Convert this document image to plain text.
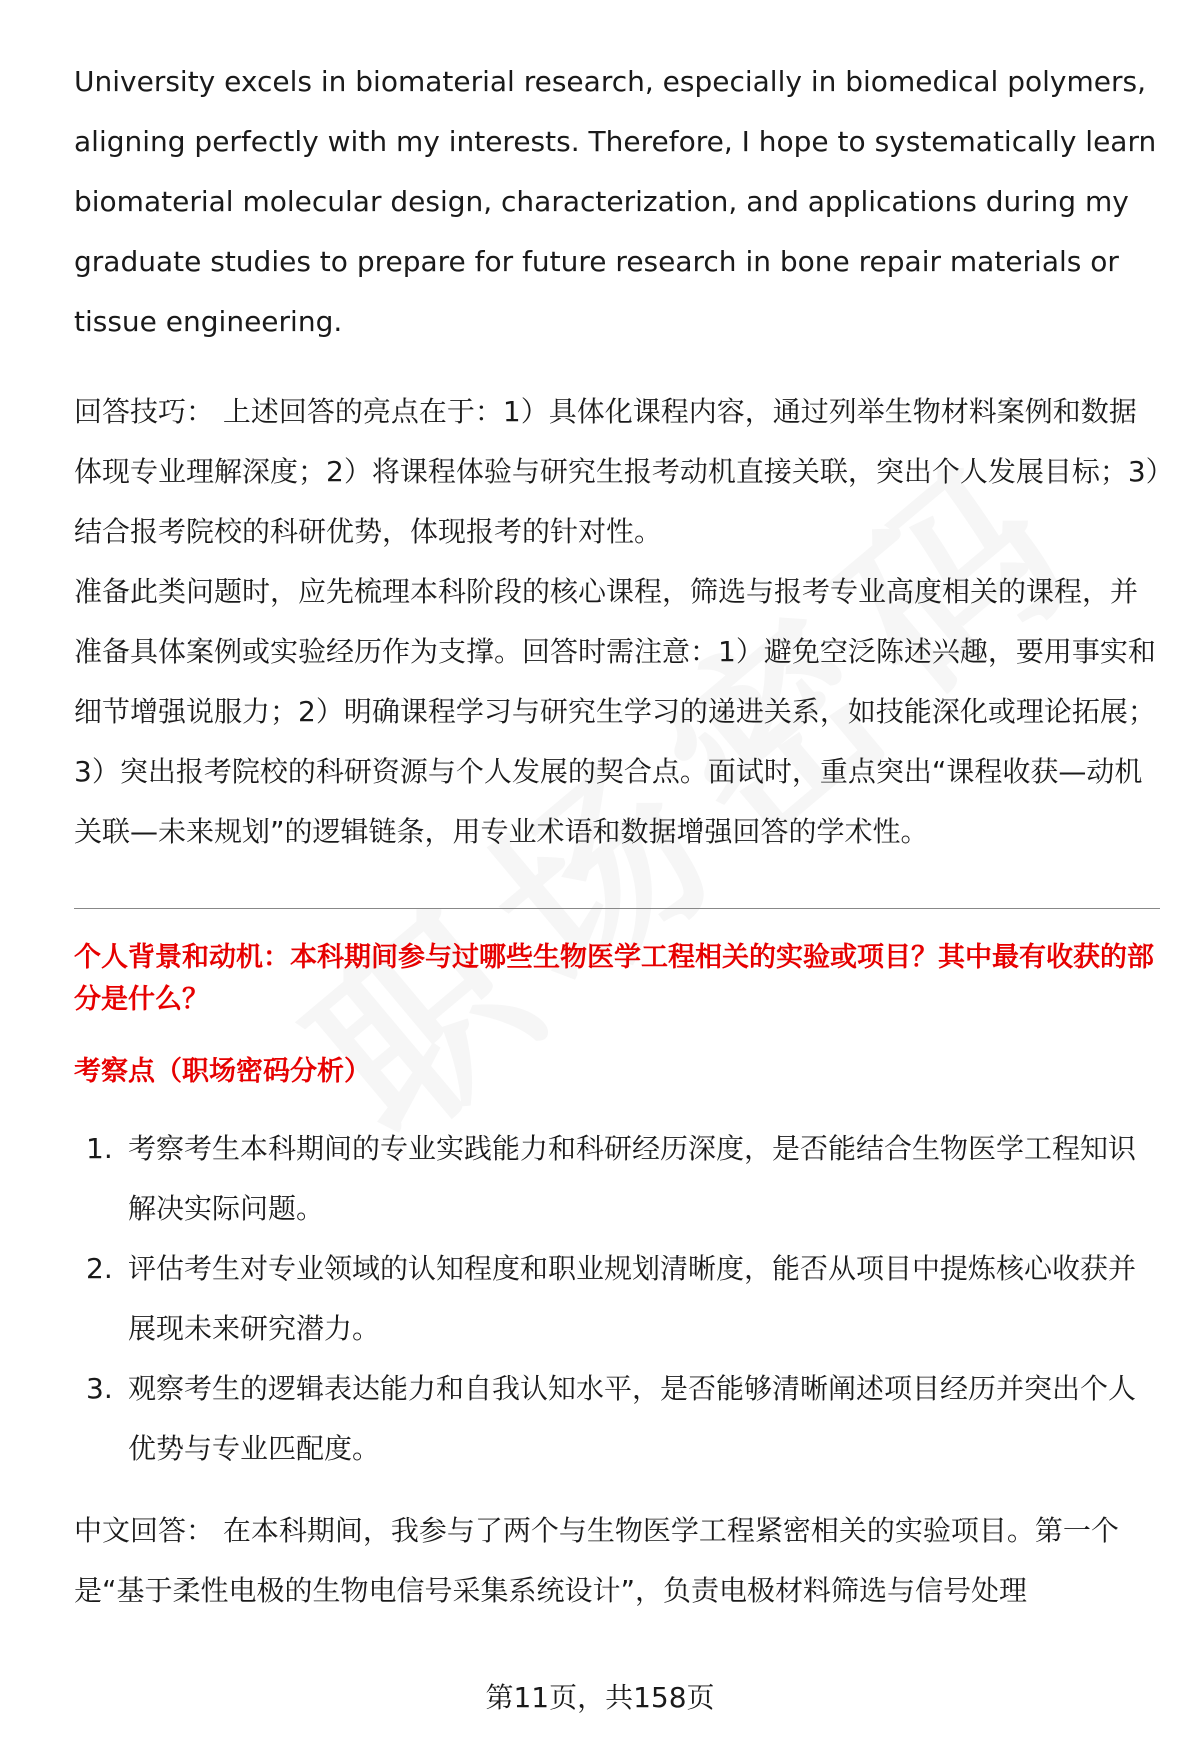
University excels in biomaterial research, especially in biomedical polymers, aligning perfectly with my interests. Therefore, I hope to systematically learn biomaterial molecular design, characterization, and applications during my graduate studies to prepare for future research in bone repair materials or tissue engineering.

回答技巧： 上述回答的亮点在于：1）具体化课程内容，通过列举生物材料案例和数据体现专业理解深度；2）将课程体验与研究生报考动机直接关联，突出个人发展目标；3）结合报考院校的科研优势，体现报考的针对性。

准备此类问题时，应先梳理本科阶段的核心课程，筛选与报考专业高度相关的课程，并准备具体案例或实验经历作为支撑。回答时需注意：1）避免空泛陈述兴趣，要用事实和细节增强说服力；2）明确课程学习与研究生学习的递进关系，如技能深化或理论拓展；3）突出报考院校的科研资源与个人发展的契合点。面试时，重点突出“课程收获—动机关联—未来规划”的逻辑链条，用专业术语和数据增强回答的学术性。

个人背景和动机：本科期间参与过哪些生物医学工程相关的实验或项目？其中最有收获的部分是什么？

考察点（职场密码分析）

1. 考察考生本科期间的专业实践能力和科研经历深度，是否能结合生物医学工程知识解决实际问题。
2. 评估考生对专业领域的认知程度和职业规划清晰度，能否从项目中提炼核心收获并展现未来研究潜力。
3. 观察考生的逻辑表达能力和自我认知水平，是否能够清晰阐述项目经历并突出个人优势与专业匹配度。

中文回答： 在本科期间，我参与了两个与生物医学工程紧密相关的实验项目。第一个是“基于柔性电极的生物电信号采集系统设计”，负责电极材料筛选与信号处理

第11页，共158页
